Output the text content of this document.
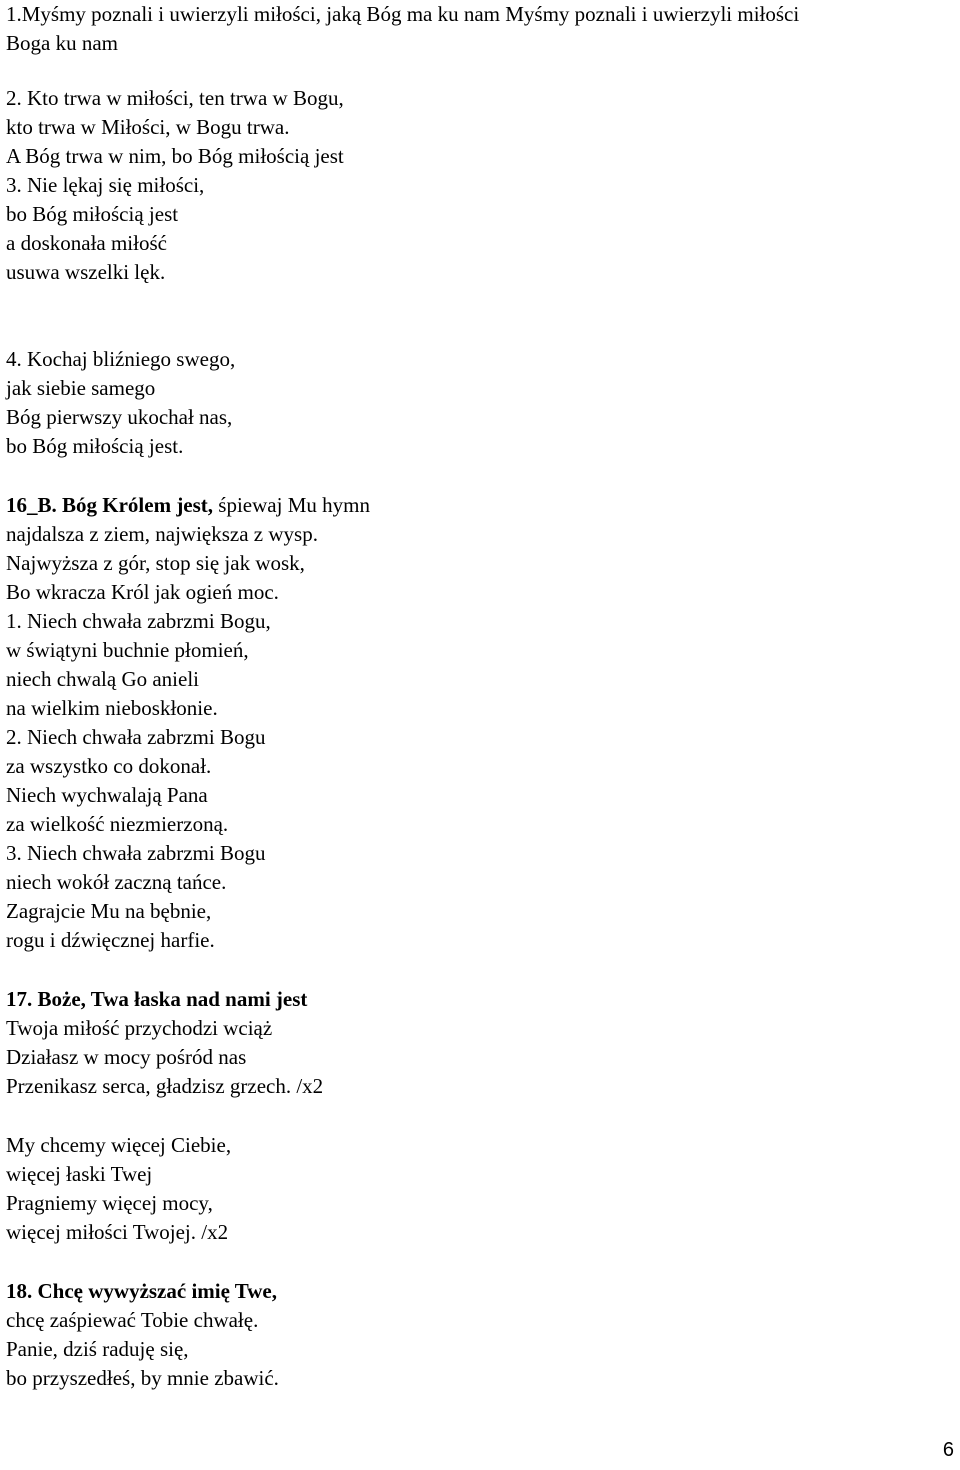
1.Myśmy poznali i uwierzyli miłości, jaką Bóg ma ku nam Myśmy poznali i uwierzyli miłości
Boga ku nam
2. Kto trwa w miłości, ten trwa w Bogu,
kto trwa w Miłości, w Bogu trwa.
A Bóg trwa w nim, bo Bóg miłością jest
3. Nie lękaj się miłości,
bo Bóg miłością jest
a doskonała miłość
usuwa wszelki lęk.
4. Kochaj bliźniego swego,
jak siebie samego
Bóg pierwszy ukochał nas,
bo Bóg miłością jest.
16_B. Bóg Królem jest, śpiewaj Mu hymn
najdalsza z ziem, największa z wysp.
Najwyższa z gór, stop się jak wosk,
Bo wkracza Król jak ogień moc.
1. Niech chwała zabrzmi Bogu,
w świątyni buchnie płomień,
niech chwalą Go anieli
na wielkim nieboskłonie.
2. Niech chwała zabrzmi Bogu
za wszystko co dokonał.
Niech wychwalają Pana
za wielkość niezmierzoną.
3. Niech chwała zabrzmi Bogu
niech wokół zaczną tańce.
Zagrajcie Mu na bębnie,
rogu i dźwięcznej harfie.
17. Boże, Twa łaska nad nami jest
Twoja miłość przychodzi wciąż
Działasz w mocy pośród nas
Przenikasz serca, gładzisz grzech. /x2
My chcemy więcej Ciebie,
więcej łaski Twej
Pragniemy więcej mocy,
więcej miłości Twojej. /x2
18. Chcę wywyższać imię Twe,
chcę zaśpiewać Tobie chwałę.
Panie, dziś raduję się,
bo przyszedłeś, by mnie zbawić.
6
